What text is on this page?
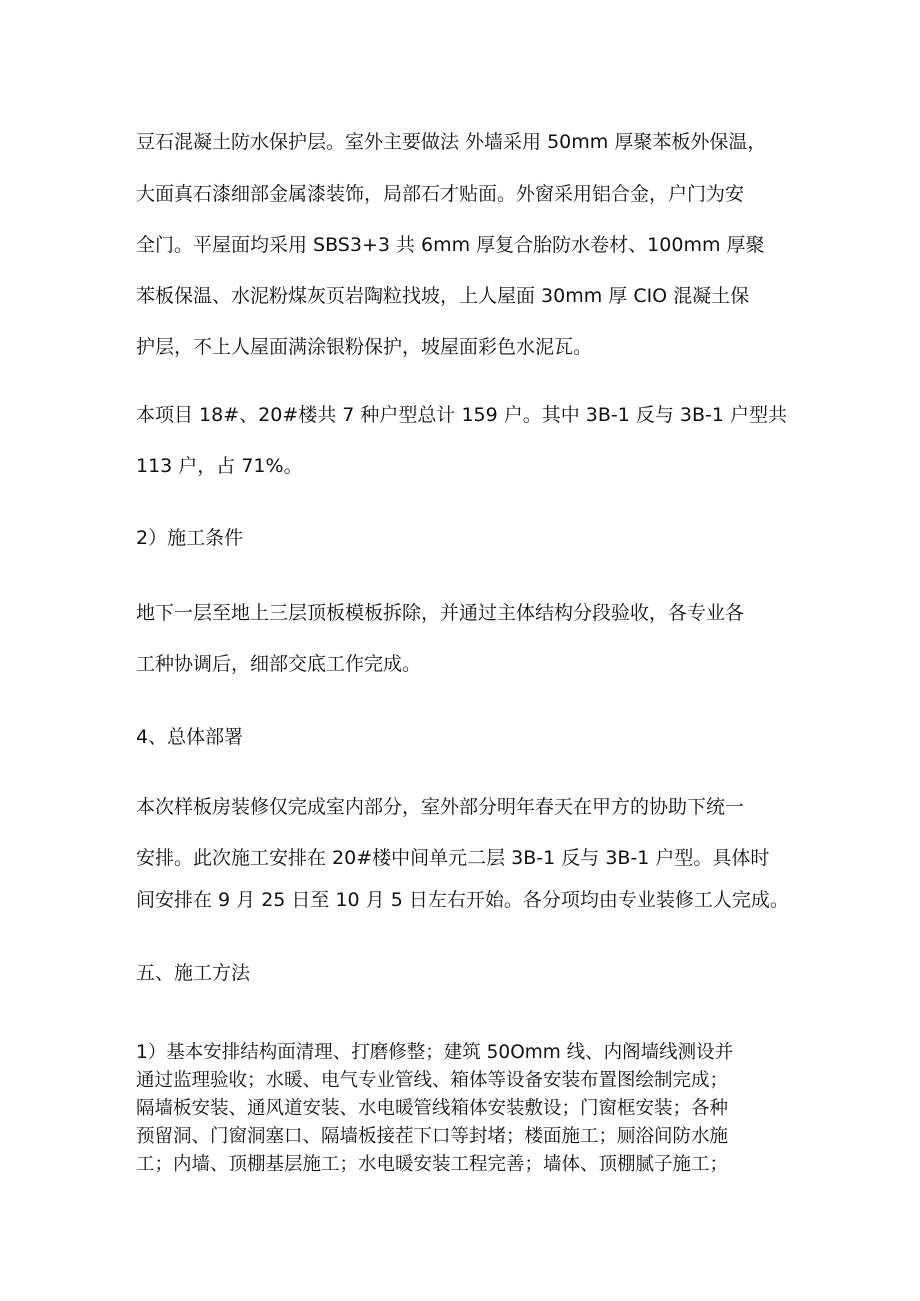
豆石混凝土防水保护层。室外主要做法 外墙采用 50mm 厚聚苯板外保温，
大面真石漆细部金属漆装饰，局部石才贴面。外窗采用铝合金，户门为安
全门。平屋面均采用 SBS3+3 共 6mm 厚复合胎防水卷材、100mm 厚聚
苯板保温、水泥粉煤灰页岩陶粒找坡，上人屋面 30mm 厚 CIO 混凝土保
护层，不上人屋面满涂银粉保护，坡屋面彩色水泥瓦。
本项目 18#、20#楼共 7 种户型总计 159 户。其中 3B-1 反与 3B-1 户型共
113 户，占 71%。
2）施工条件
地下一层至地上三层顶板模板拆除，并通过主体结构分段验收，各专业各
工种协调后，细部交底工作完成。
4、总体部署
本次样板房装修仅完成室内部分，室外部分明年春天在甲方的协助下统一
安排。此次施工安排在 20#楼中间单元二层 3B-1 反与 3B-1 户型。具体时
间安排在 9 月 25 日至 10 月 5 日左右开始。各分项均由专业装修工人完成。
五、施工方法
1）基本安排结构面清理、打磨修整；建筑 50Omm 线、内阁墙线测设并
通过监理验收；水暖、电气专业管线、箱体等设备安装布置图绘制完成；
隔墙板安装、通风道安装、水电暖管线箱体安装敷设；门窗框安装；各种
预留洞、门窗洞塞口、隔墙板接茬下口等封堵；楼面施工；厕浴间防水施
工；内墙、顶棚基层施工；水电暖安装工程完善；墙体、顶棚腻子施工；
